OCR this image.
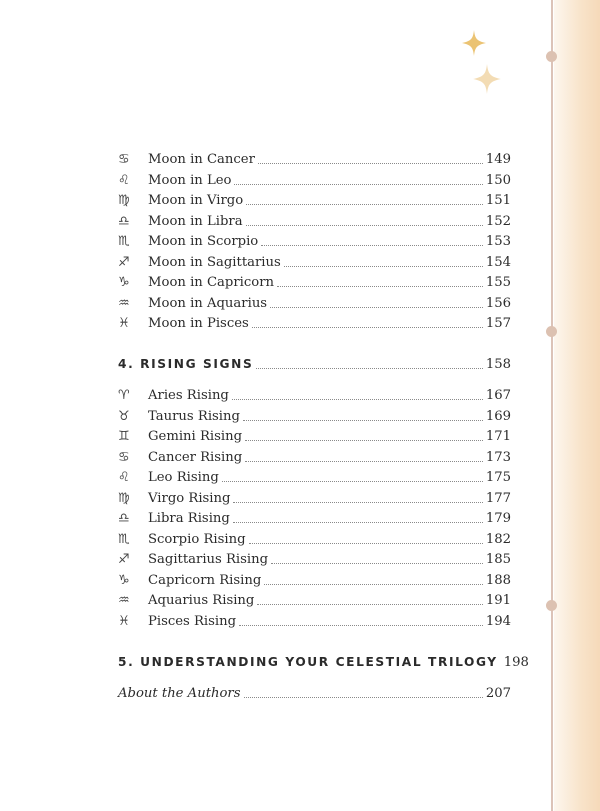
♋	Moon in Cancer	149
♌	Moon in Leo	150
♍	Moon in Virgo	151
♎	Moon in Libra	152
♏	Moon in Scorpio	153
♐	Moon in Sagittarius	154
♑	Moon in Capricorn	155
♒	Moon in Aquarius	156
♓	Moon in Pisces	157
4. RISING SIGNS	158
♈	Aries Rising	167
♉	Taurus Rising	169
♊	Gemini Rising	171
♋	Cancer Rising	173
♌	Leo Rising	175
♍	Virgo Rising	177
♎	Libra Rising	179
♏	Scorpio Rising	182
♐	Sagittarius Rising	185
♑	Capricorn Rising	188
♒	Aquarius Rising	191
♓	Pisces Rising	194
5. UNDERSTANDING YOUR CELESTIAL TRILOGY 198
About the Authors	207
